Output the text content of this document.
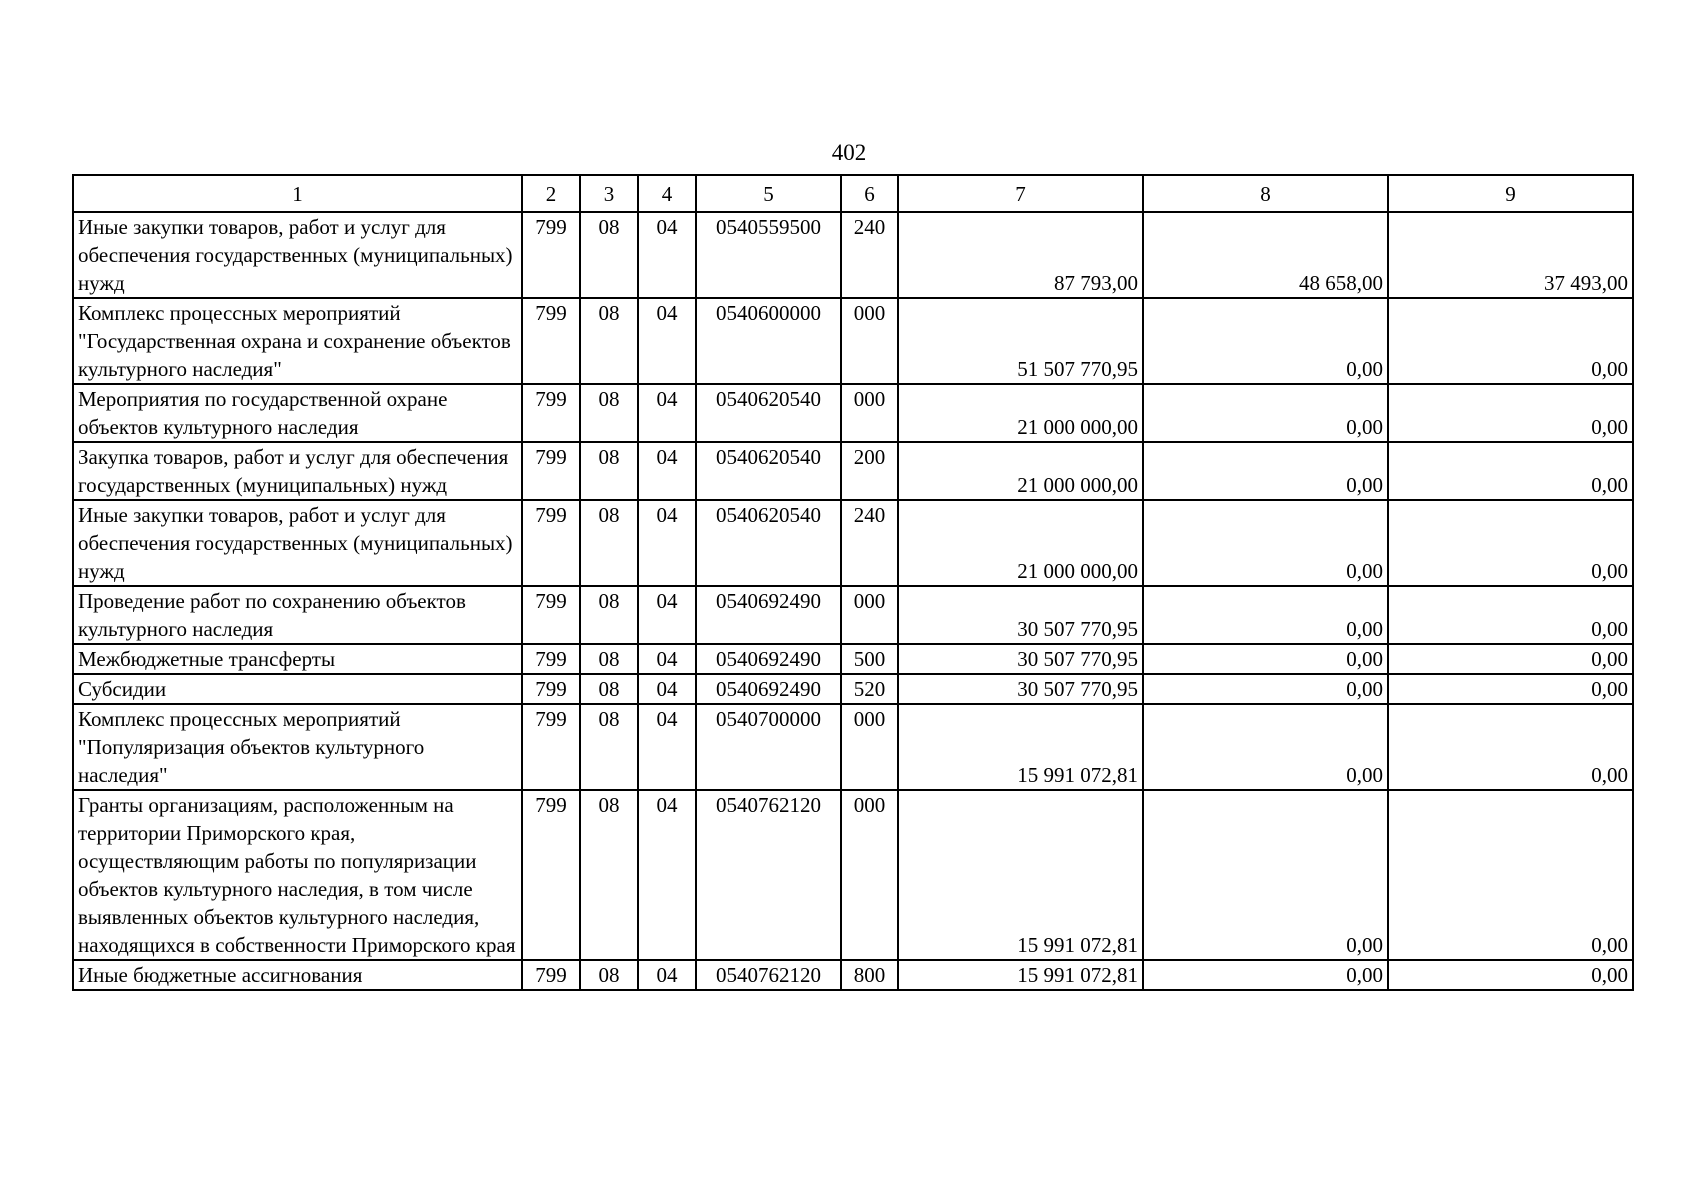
402
1	2	3	4	5	6	7	8	9
Иные закупки товаров, работ и услуг для обеспечения государственных (муниципальных) нужд	799	08	04	0540559500	240	87 793,00	48 658,00	37 493,00
Комплекс процессных мероприятий "Государственная охрана и сохранение объектов культурного наследия"	799	08	04	0540600000	000	51 507 770,95	0,00	0,00
Мероприятия по государственной охране объектов культурного наследия	799	08	04	0540620540	000	21 000 000,00	0,00	0,00
Закупка товаров, работ и услуг для обеспечения государственных (муниципальных) нужд	799	08	04	0540620540	200	21 000 000,00	0,00	0,00
Иные закупки товаров, работ и услуг для обеспечения государственных (муниципальных) нужд	799	08	04	0540620540	240	21 000 000,00	0,00	0,00
Проведение работ по сохранению объектов культурного наследия	799	08	04	0540692490	000	30 507 770,95	0,00	0,00
Межбюджетные трансферты	799	08	04	0540692490	500	30 507 770,95	0,00	0,00
Субсидии	799	08	04	0540692490	520	30 507 770,95	0,00	0,00
Комплекс процессных мероприятий "Популяризация объектов культурного наследия"	799	08	04	0540700000	000	15 991 072,81	0,00	0,00
Гранты организациям, расположенным на территории Приморского края, осуществляющим работы по популяризации объектов культурного наследия, в том числе выявленных объектов культурного наследия, находящихся в собственности Приморского края	799	08	04	0540762120	000	15 991 072,81	0,00	0,00
Иные бюджетные ассигнования	799	08	04	0540762120	800	15 991 072,81	0,00	0,00
